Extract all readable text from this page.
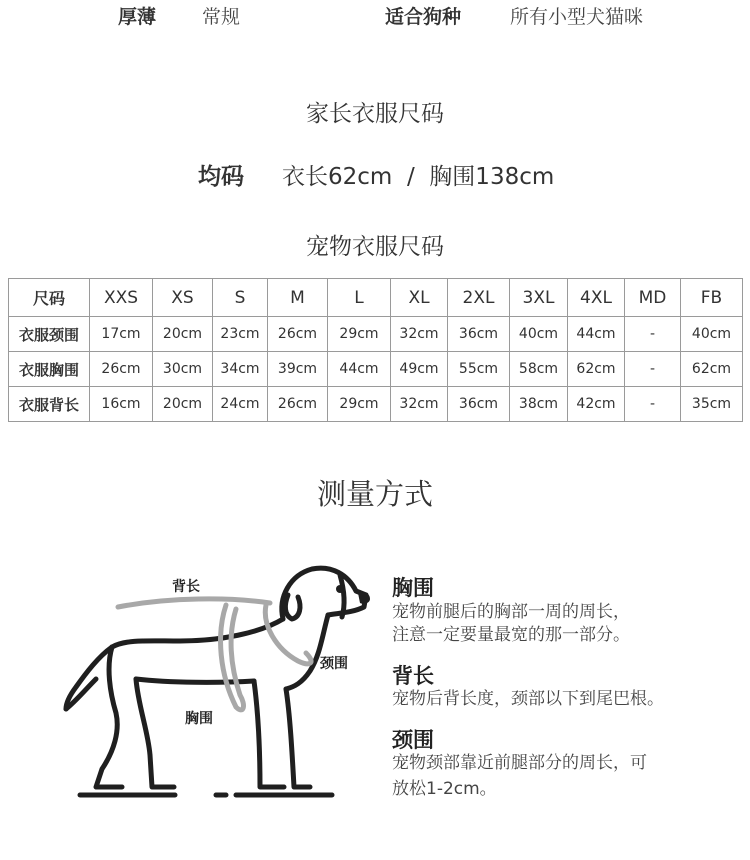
厚薄 常规	适合狗种	所有小型犬猫咪
家长衣服尺码
均码 衣长62cm  /  胸围138cm
宠物衣服尺码
尺码	XXS	XS	S	M	L	XL	2XL	3XL	4XL	MD	FB
衣服颈围	17cm	20cm	23cm	26cm	29cm	32cm	36cm	40cm	44cm	-	40cm
衣服胸围	26cm	30cm	34cm	39cm	44cm	49cm	55cm	58cm	62cm	-	62cm
衣服背长	16cm	20cm	24cm	26cm	29cm	32cm	36cm	38cm	42cm	-	35cm
测量方式
背长
颈围
胸围
胸围
宠物前腿后的胸部一周的周长，
注意一定要量最宽的那一部分。
背长
宠物后背长度，颈部以下到尾巴根。
颈围
宠物颈部靠近前腿部分的周长，可
放松1-2cm。
